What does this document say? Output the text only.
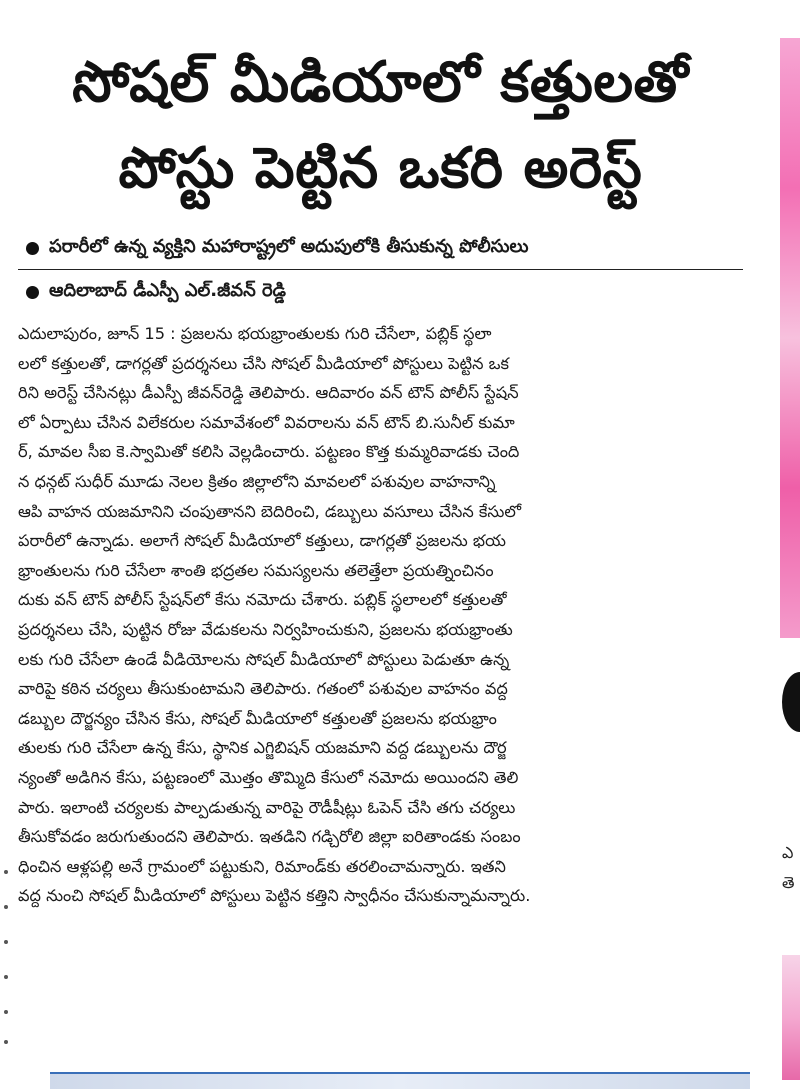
సోషల్ మీడియాలో కత్తులతో
పోస్టు పెట్టిన ఒకరి అరెస్ట్
పరారీలో ఉన్న వ్యక్తిని మహారాష్ట్రలో అదుపులోకి తీసుకున్న పోలీసులు
ఆదిలాబాద్ డీఎస్పీ ఎల్.జీవన్ రెడ్డి
ఎదులాపురం, జూన్ 15 : ప్రజలను భయభ్రాంతులకు గురి చేసేలా, పబ్లిక్ స్థలా
లలో కత్తులతో, డాగర్లతో ప్రదర్శనలు చేసి సోషల్ మీడియాలో పోస్టులు పెట్టిన ఒక
రిని అరెస్ట్ చేసినట్లు డీఎస్పీ జీవన్‌రెడ్డి తెలిపారు. ఆదివారం వన్ టౌన్ పోలీస్ స్టేషన్
లో ఏర్పాటు చేసిన విలేకరుల సమావేశంలో వివరాలను వన్ టౌన్ బి.సునీల్ కుమా
ర్, మావల సీఐ కె.స్వామితో కలిసి వెల్లడించారు. పట్టణం కొత్త కుమ్మరివాడకు చెంది
న ధన్గట్ సుధీర్ మూడు నెలల క్రితం జిల్లాలోని మావలలో పశువుల వాహనాన్ని
ఆపి వాహన యజమానిని చంపుతానని బెదిరించి, డబ్బులు వసూలు చేసిన కేసులో
పరారీలో ఉన్నాడు. అలాగే సోషల్ మీడియాలో కత్తులు, డాగర్లతో ప్రజలను భయ
భ్రాంతులను గురి చేసేలా శాంతి భద్రతల సమస్యలను తలెత్తేలా ప్రయత్నించినం
దుకు వన్ టౌన్ పోలీస్ స్టేషన్‌లో కేసు నమోదు చేశారు. పబ్లిక్ స్థలాలలో కత్తులతో
ప్రదర్శనలు చేసి, పుట్టిన రోజు వేడుకలను నిర్వహించుకుని, ప్రజలను భయభ్రాంతు
లకు గురి చేసేలా ఉండే వీడియోలను సోషల్ మీడియాలో పోస్టులు పెడుతూ ఉన్న
వారిపై కఠిన చర్యలు తీసుకుంటామని తెలిపారు. గతంలో పశువుల వాహనం వద్ద
డబ్బుల దౌర్జన్యం చేసిన కేసు, సోషల్ మీడియాలో కత్తులతో ప్రజలను భయభ్రాం
తులకు గురి చేసేలా ఉన్న కేసు, స్థానిక ఎగ్జిబిషన్ యజమాని వద్ద డబ్బులను దౌర్జ
న్యంతో అడిగిన కేసు, పట్టణంలో మొత్తం తొమ్మిది కేసులో నమోదు అయిందని తెలి
పారు. ఇలాంటి చర్యలకు పాల్పడుతున్న వారిపై రౌడీషీట్లు ఓపెన్ చేసి తగు చర్యలు
తీసుకోవడం జరుగుతుందని తెలిపారు. ఇతడిని గడ్చిరోలి జిల్లా ఐరితాండకు సంబం
ధించిన ఆళ్లపల్లి అనే గ్రామంలో పట్టుకుని, రిమాండ్‌కు తరలించామన్నారు. ఇతని
వద్ద నుంచి సోషల్ మీడియాలో పోస్టులు పెట్టిన కత్తిని స్వాధీనం చేసుకున్నామన్నారు.
ఎ
తె
